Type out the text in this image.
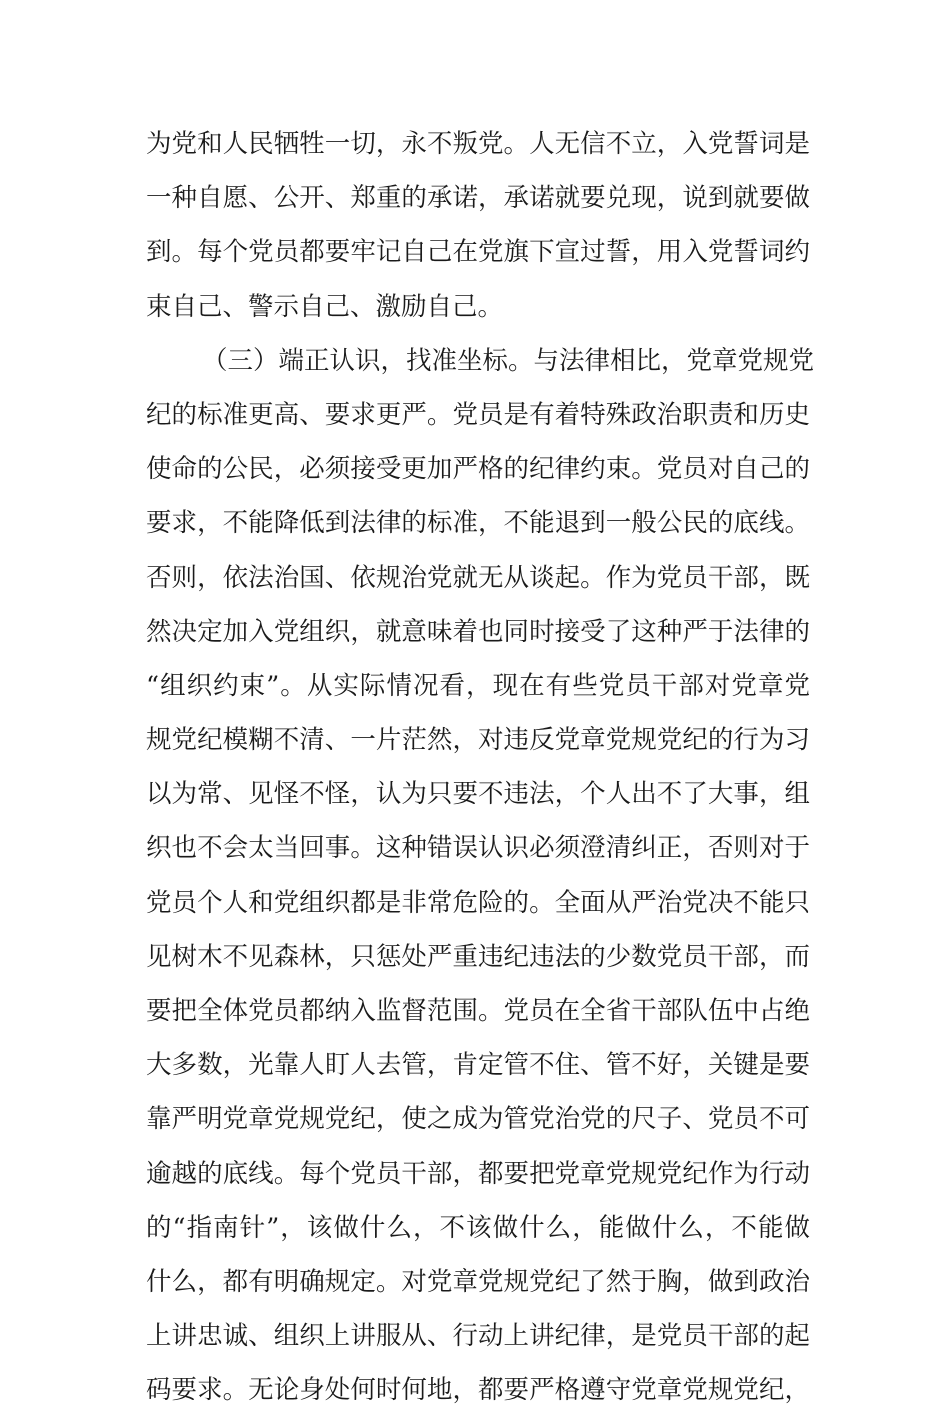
为党和人民牺牲一切，永不叛党。人无信不立，入党誓词是
一种自愿、公开、郑重的承诺，承诺就要兑现，说到就要做
到。每个党员都要牢记自己在党旗下宣过誓，用入党誓词约
束自己、警示自己、激励自己。
（三）端正认识，找准坐标。与法律相比，党章党规党
纪的标准更高、要求更严。党员是有着特殊政治职责和历史
使命的公民，必须接受更加严格的纪律约束。党员对自己的
要求，不能降低到法律的标准，不能退到一般公民的底线。
否则，依法治国、依规治党就无从谈起。作为党员干部，既
然决定加入党组织，就意味着也同时接受了这种严于法律的
“组织约束”。从实际情况看，现在有些党员干部对党章党
规党纪模糊不清、一片茫然，对违反党章党规党纪的行为习
以为常、见怪不怪，认为只要不违法，个人出不了大事，组
织也不会太当回事。这种错误认识必须澄清纠正，否则对于
党员个人和党组织都是非常危险的。全面从严治党决不能只
见树木不见森林，只惩处严重违纪违法的少数党员干部，而
要把全体党员都纳入监督范围。党员在全省干部队伍中占绝
大多数，光靠人盯人去管，肯定管不住、管不好，关键是要
靠严明党章党规党纪，使之成为管党治党的尺子、党员不可
逾越的底线。每个党员干部，都要把党章党规党纪作为行动
的“指南针”，该做什么，不该做什么，能做什么，不能做
什么，都有明确规定。对党章党规党纪了然于胸，做到政治
上讲忠诚、组织上讲服从、行动上讲纪律，是党员干部的起
码要求。无论身处何时何地，都要严格遵守党章党规党纪，
